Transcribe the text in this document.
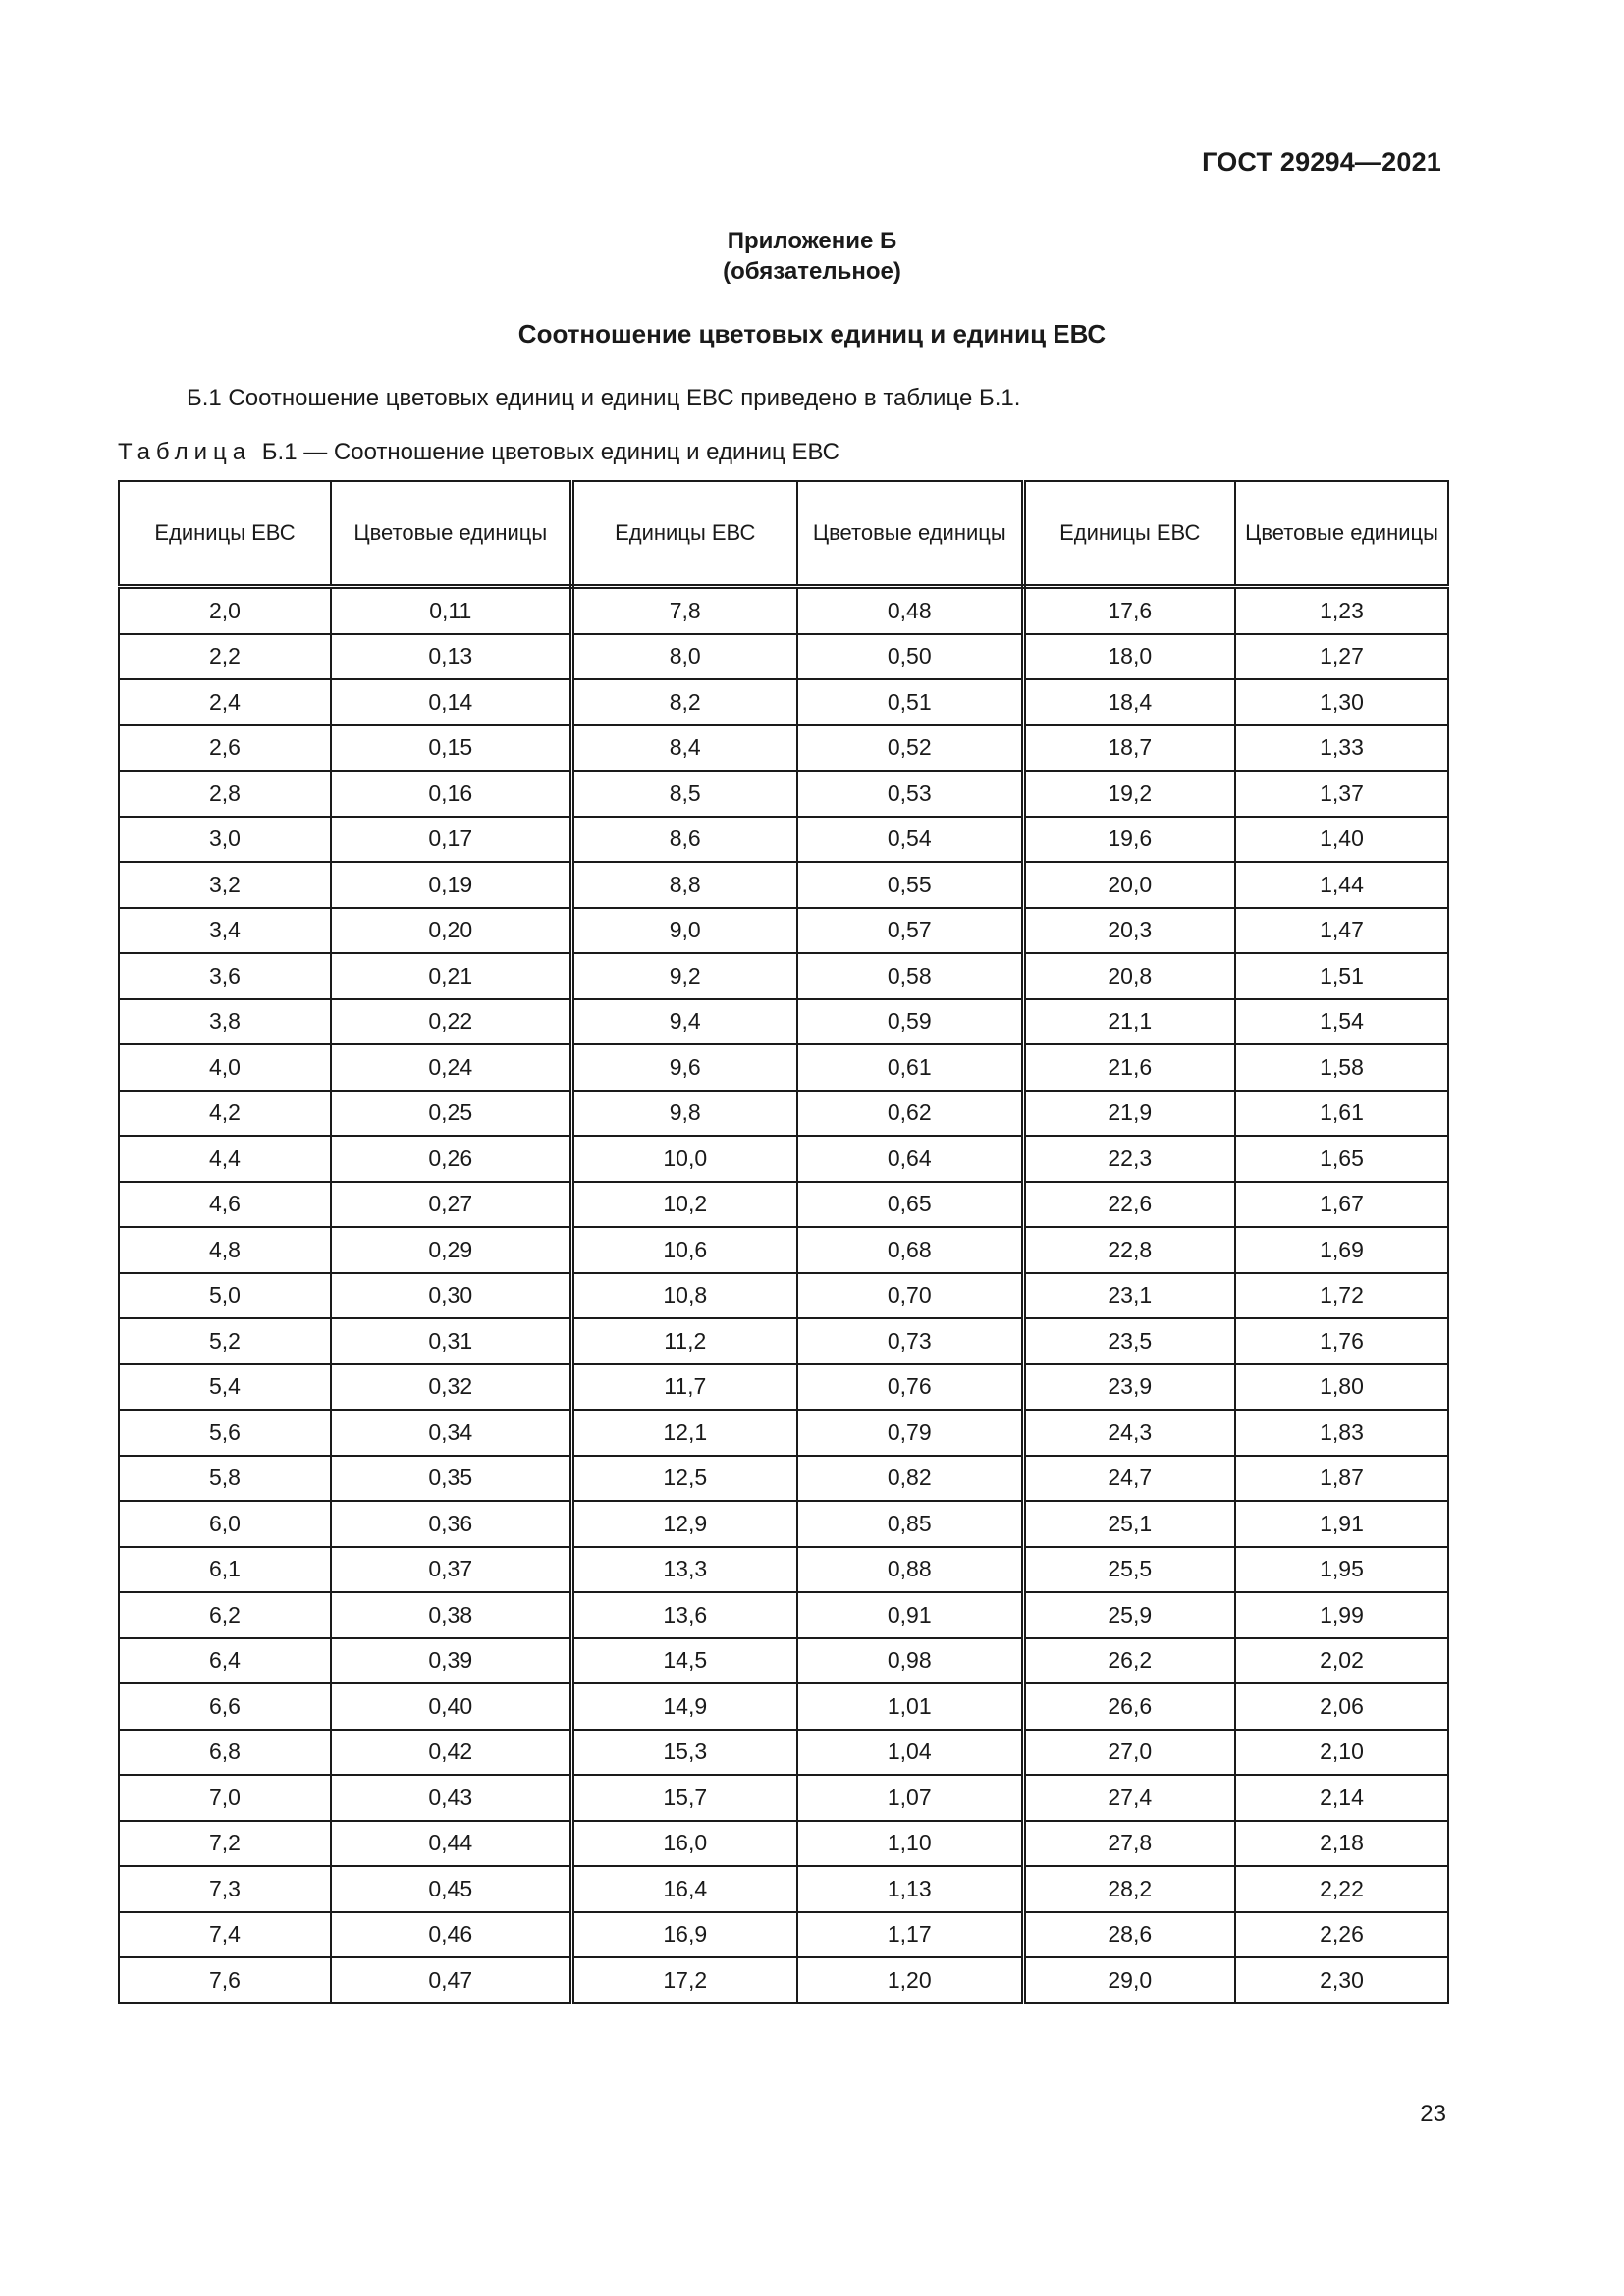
ГОСТ 29294—2021
Приложение Б
(обязательное)
Соотношение цветовых единиц и единиц ЕВС
Б.1 Соотношение цветовых единиц и единиц ЕВС приведено в таблице Б.1.
Таблица Б.1 — Соотношение цветовых единиц и единиц ЕВС
Единицы ЕВС	Цветовые единицы	Единицы ЕВС	Цветовые единицы	Единицы ЕВС	Цветовые единицы
2,0	0,11	7,8	0,48	17,6	1,23
2,2	0,13	8,0	0,50	18,0	1,27
2,4	0,14	8,2	0,51	18,4	1,30
2,6	0,15	8,4	0,52	18,7	1,33
2,8	0,16	8,5	0,53	19,2	1,37
3,0	0,17	8,6	0,54	19,6	1,40
3,2	0,19	8,8	0,55	20,0	1,44
3,4	0,20	9,0	0,57	20,3	1,47
3,6	0,21	9,2	0,58	20,8	1,51
3,8	0,22	9,4	0,59	21,1	1,54
4,0	0,24	9,6	0,61	21,6	1,58
4,2	0,25	9,8	0,62	21,9	1,61
4,4	0,26	10,0	0,64	22,3	1,65
4,6	0,27	10,2	0,65	22,6	1,67
4,8	0,29	10,6	0,68	22,8	1,69
5,0	0,30	10,8	0,70	23,1	1,72
5,2	0,31	11,2	0,73	23,5	1,76
5,4	0,32	11,7	0,76	23,9	1,80
5,6	0,34	12,1	0,79	24,3	1,83
5,8	0,35	12,5	0,82	24,7	1,87
6,0	0,36	12,9	0,85	25,1	1,91
6,1	0,37	13,3	0,88	25,5	1,95
6,2	0,38	13,6	0,91	25,9	1,99
6,4	0,39	14,5	0,98	26,2	2,02
6,6	0,40	14,9	1,01	26,6	2,06
6,8	0,42	15,3	1,04	27,0	2,10
7,0	0,43	15,7	1,07	27,4	2,14
7,2	0,44	16,0	1,10	27,8	2,18
7,3	0,45	16,4	1,13	28,2	2,22
7,4	0,46	16,9	1,17	28,6	2,26
7,6	0,47	17,2	1,20	29,0	2,30
23
